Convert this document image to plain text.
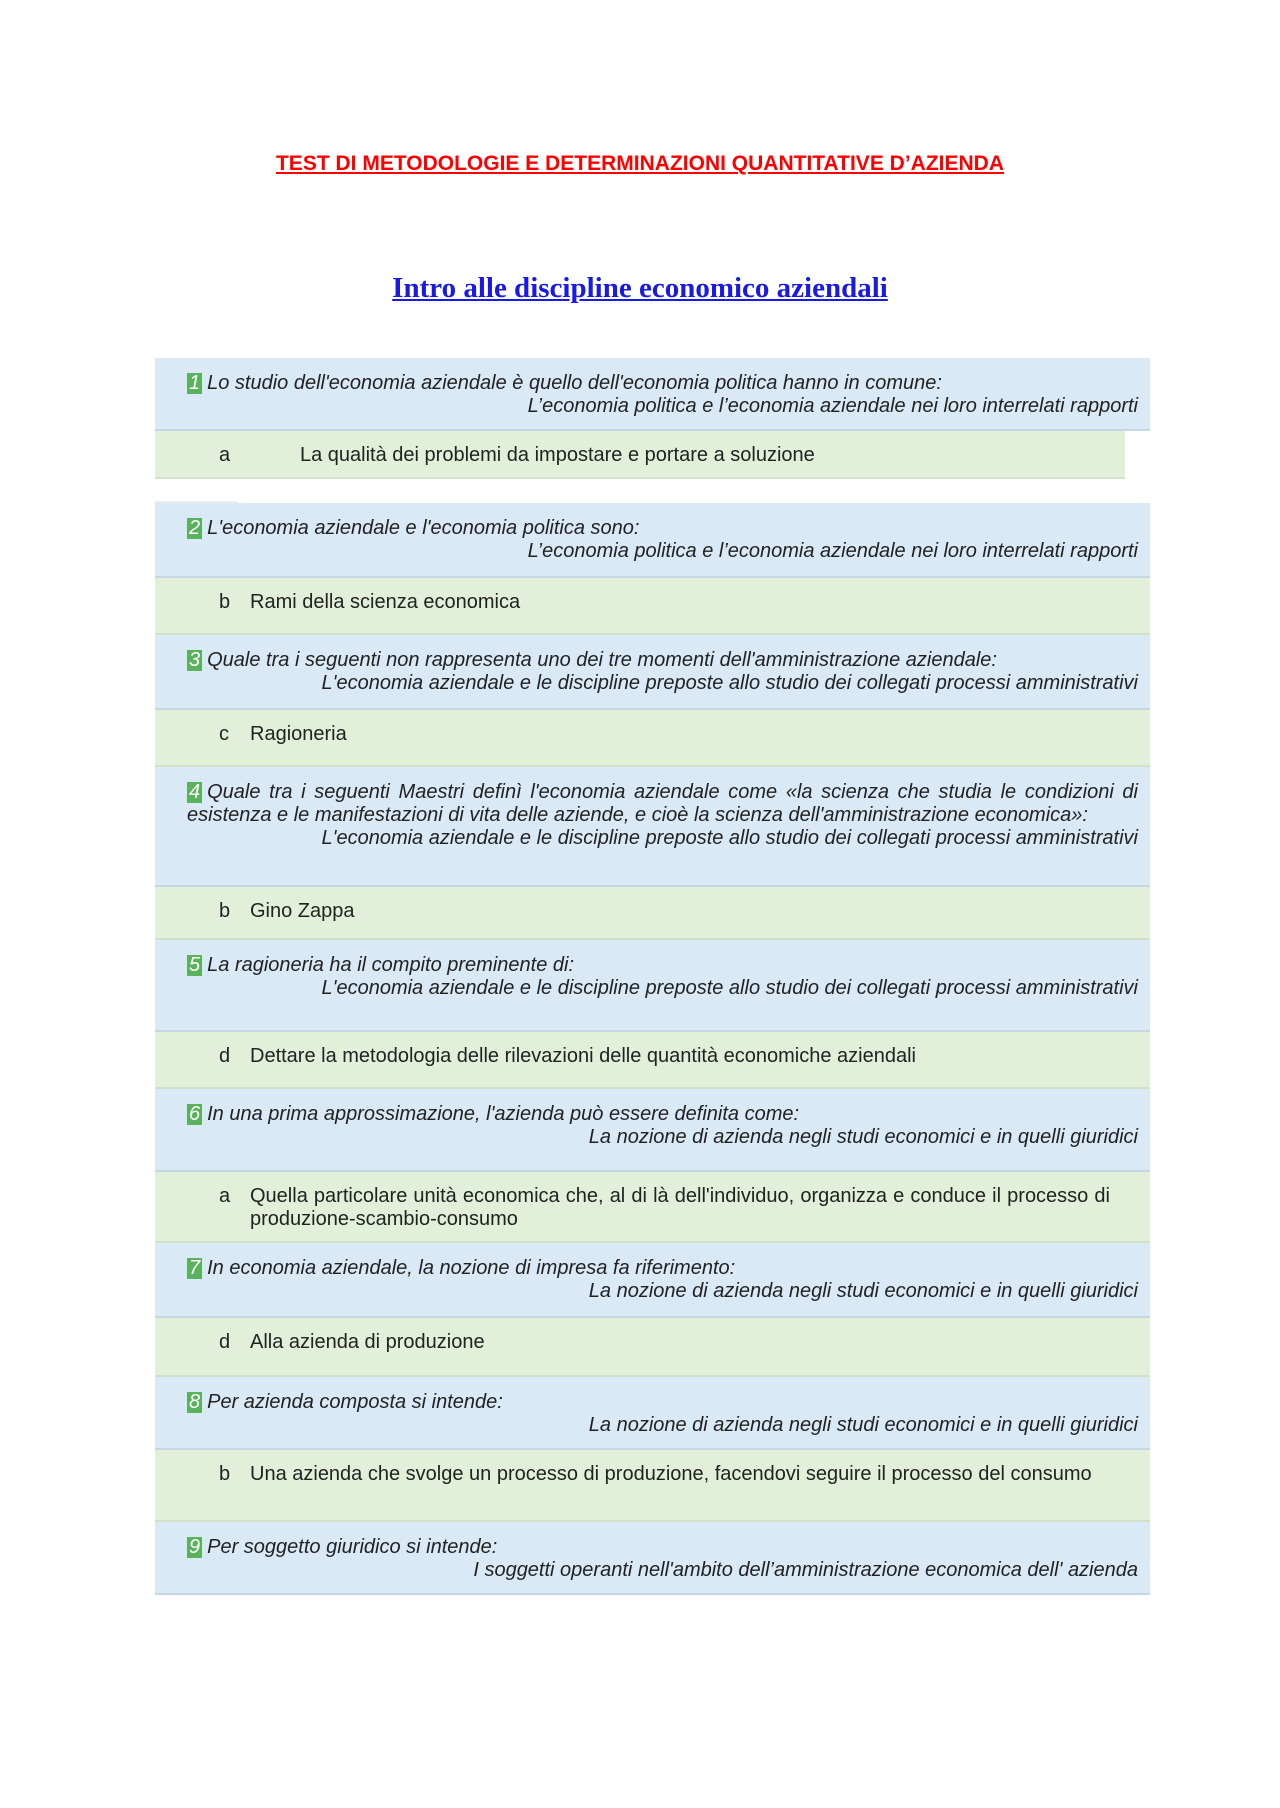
TEST DI METODOLOGIE E DETERMINAZIONI QUANTITATIVE D’AZIENDA
Intro alle discipline economico aziendali
1 Lo studio dell'economia aziendale è quello dell'economia politica hanno in comune:
L’economia politica e l’economia aziendale nei loro interrelati rapporti
a	La qualità dei problemi da impostare e portare a soluzione
2 L'economia aziendale e l'economia politica sono:
L’economia politica e l’economia aziendale nei loro interrelati rapporti
b Rami della scienza economica
3 Quale tra i seguenti non rappresenta uno dei tre momenti dell'amministrazione aziendale:
L'economia aziendale e le discipline preposte allo studio dei collegati processi amministrativi
c Ragioneria
4 Quale tra i seguenti Maestri definì l'economia aziendale come «la scienza che studia le condizioni di esistenza e le manifestazioni di vita delle aziende, e cioè la scienza dell'amministrazione economica»:
L'economia aziendale e le discipline preposte allo studio dei collegati processi amministrativi
b Gino Zappa
5 La ragioneria ha il compito preminente di:
L'economia aziendale e le discipline preposte allo studio dei collegati processi amministrativi
d Dettare la metodologia delle rilevazioni delle quantità economiche aziendali
6 In una prima approssimazione, l'azienda può essere definita come:
La nozione di azienda negli studi economici e in quelli giuridici
a Quella particolare unità economica che, al di là dell'individuo, organizza e conduce il processo di produzione-scambio-consumo
7 In economia aziendale, la nozione di impresa fa riferimento:
La nozione di azienda negli studi economici e in quelli giuridici
d Alla azienda di produzione
8 Per azienda composta si intende:
La nozione di azienda negli studi economici e in quelli giuridici
b Una azienda che svolge un processo di produzione, facendovi seguire il processo del consumo
9 Per soggetto giuridico si intende:
I soggetti operanti nell'ambito dell’amministrazione economica dell' azienda
